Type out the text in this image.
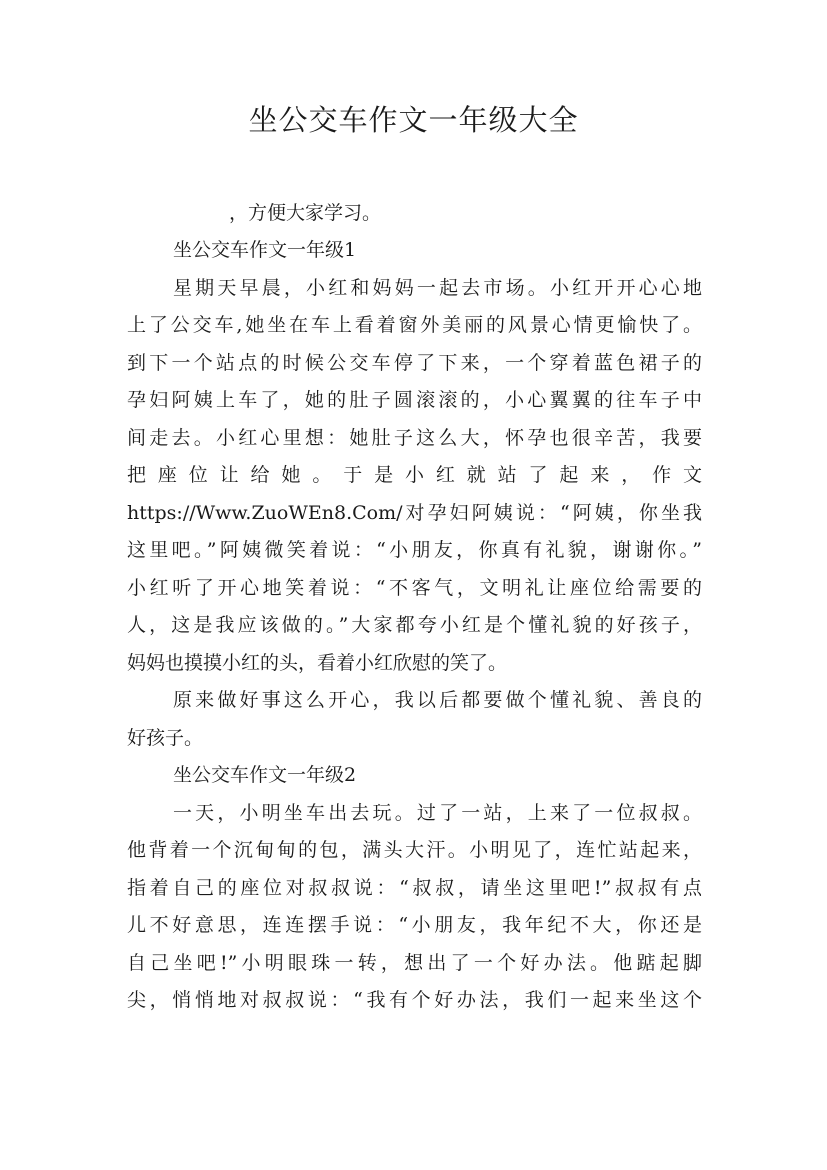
坐公交车作文一年级大全

，方便大家学习。

坐公交车作文一年级1

星期天早晨，小红和妈妈一起去市场。小红开开心心地

上了公交车,她坐在车上看着窗外美丽的风景心情更愉快了。

到下一个站点的时候公交车停了下来，一个穿着蓝色裙子的

孕妇阿姨上车了，她的肚子圆滚滚的，小心翼翼的往车子中

间走去。小红心里想：她肚子这么大，怀孕也很辛苦，我要

把座位让给她。于是小红就站了起来，作文

https://Www.ZuoWEn8.Com/对孕妇阿姨说：“阿姨，你坐我

这里吧。”阿姨微笑着说：“小朋友，你真有礼貌，谢谢你。”

小红听了开心地笑着说：“不客气，文明礼让座位给需要的

人，这是我应该做的。”大家都夸小红是个懂礼貌的好孩子，

妈妈也摸摸小红的头，看着小红欣慰的笑了。

原来做好事这么开心，我以后都要做个懂礼貌、善良的

好孩子。

坐公交车作文一年级2

一天，小明坐车出去玩。过了一站，上来了一位叔叔。

他背着一个沉甸甸的包，满头大汗。小明见了，连忙站起来，

指着自己的座位对叔叔说：“叔叔，请坐这里吧!”叔叔有点

儿不好意思，连连摆手说：“小朋友，我年纪不大，你还是

自己坐吧!”小明眼珠一转，想出了一个好办法。他踮起脚

尖，悄悄地对叔叔说：“我有个好办法，我们一起来坐这个
